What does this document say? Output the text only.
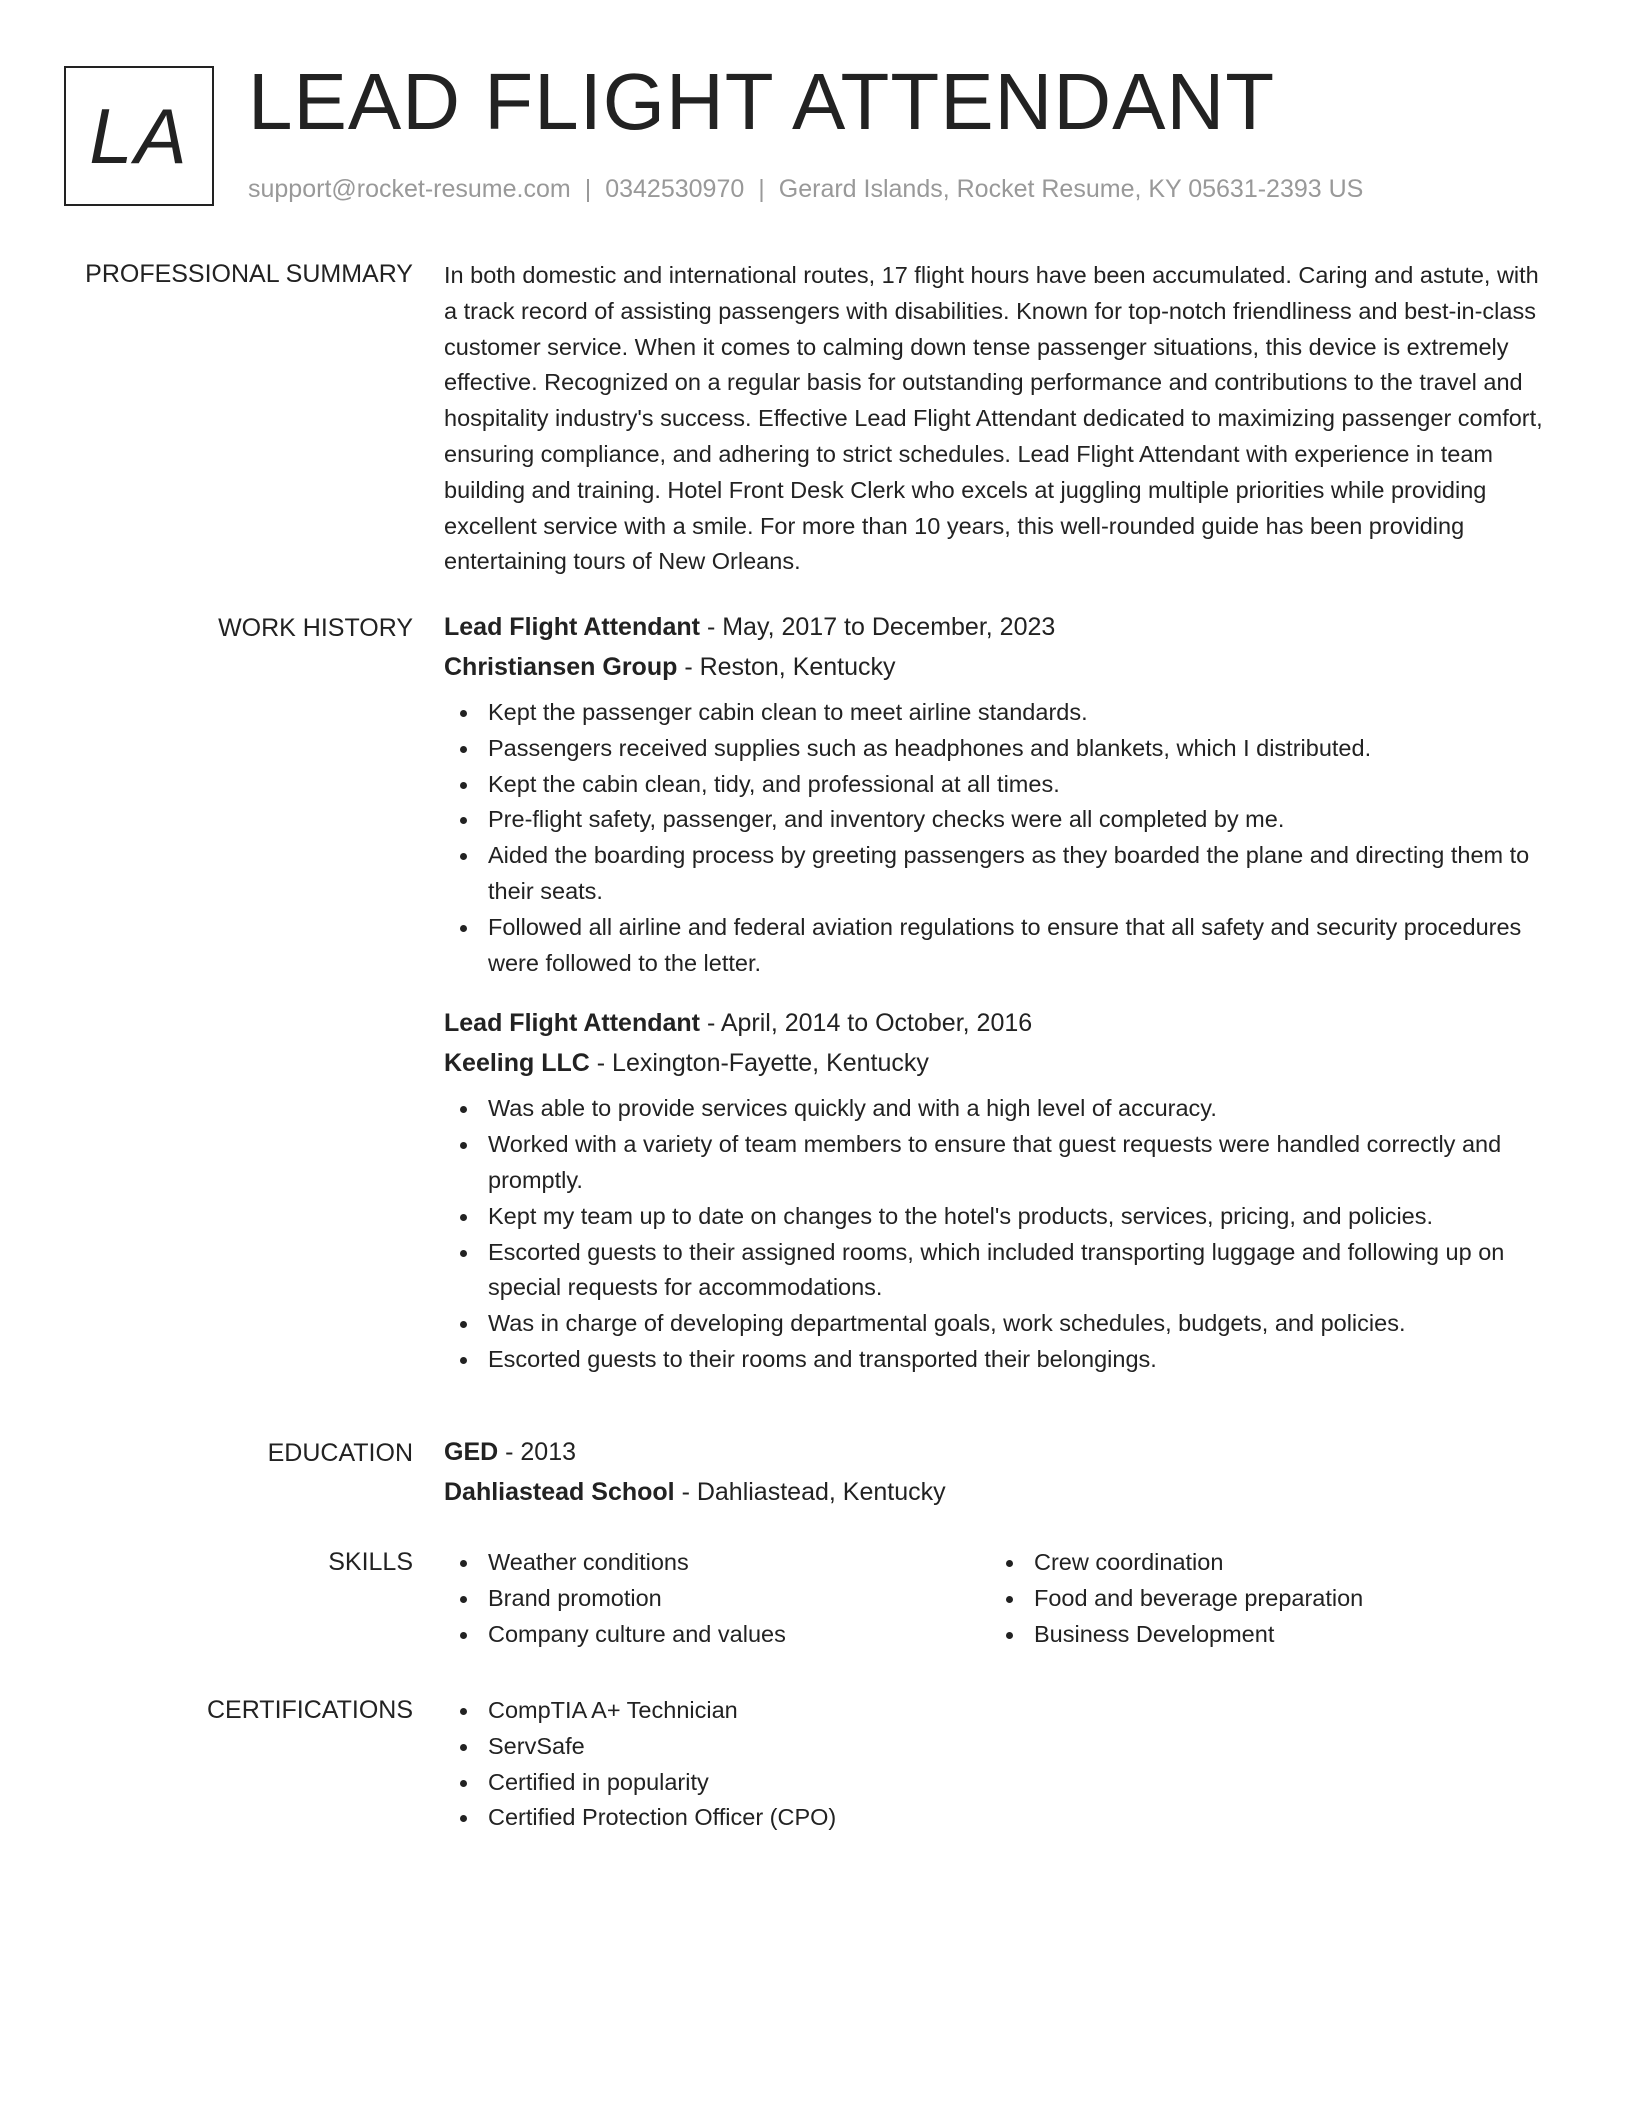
LA LEAD FLIGHT ATTENDANT
support@rocket-resume.com | 0342530970 | Gerard Islands, Rocket Resume, KY 05631-2393 US
PROFESSIONAL SUMMARY In both domestic and international routes, 17 flight hours have been accumulated. Caring and astute, with a track record of assisting passengers with disabilities. Known for top-notch friendliness and best-in-class customer service. When it comes to calming down tense passenger situations, this device is extremely effective. Recognized on a regular basis for outstanding performance and contributions to the travel and hospitality industry's success. Effective Lead Flight Attendant dedicated to maximizing passenger comfort, ensuring compliance, and adhering to strict schedules. Lead Flight Attendant with experience in team building and training. Hotel Front Desk Clerk who excels at juggling multiple priorities while providing excellent service with a smile. For more than 10 years, this well-rounded guide has been providing entertaining tours of New Orleans.

WORK HISTORY Lead Flight Attendant - May, 2017 to December, 2023
Christiansen Group - Reston, Kentucky
Kept the passenger cabin clean to meet airline standards.
Passengers received supplies such as headphones and blankets, which I distributed.
Kept the cabin clean, tidy, and professional at all times.
Pre-flight safety, passenger, and inventory checks were all completed by me.
Aided the boarding process by greeting passengers as they boarded the plane and directing them to their seats.
Followed all airline and federal aviation regulations to ensure that all safety and security procedures were followed to the letter.
Lead Flight Attendant - April, 2014 to October, 2016
Keeling LLC - Lexington-Fayette, Kentucky
Was able to provide services quickly and with a high level of accuracy.
Worked with a variety of team members to ensure that guest requests were handled correctly and promptly.
Kept my team up to date on changes to the hotel's products, services, pricing, and policies.
Escorted guests to their assigned rooms, which included transporting luggage and following up on special requests for accommodations.
Was in charge of developing departmental goals, work schedules, budgets, and policies.
Escorted guests to their rooms and transported their belongings.
EDUCATION GED - 2013
Dahliastead School - Dahliastead, Kentucky
SKILLS	Weather conditions
Brand promotion
Company culture and values
Crew coordination
Food and beverage preparation
Business Development
CERTIFICATIONS	CompTIA A+ Technician
ServSafe
Certified in popularity
Certified Protection Officer (CPO)
